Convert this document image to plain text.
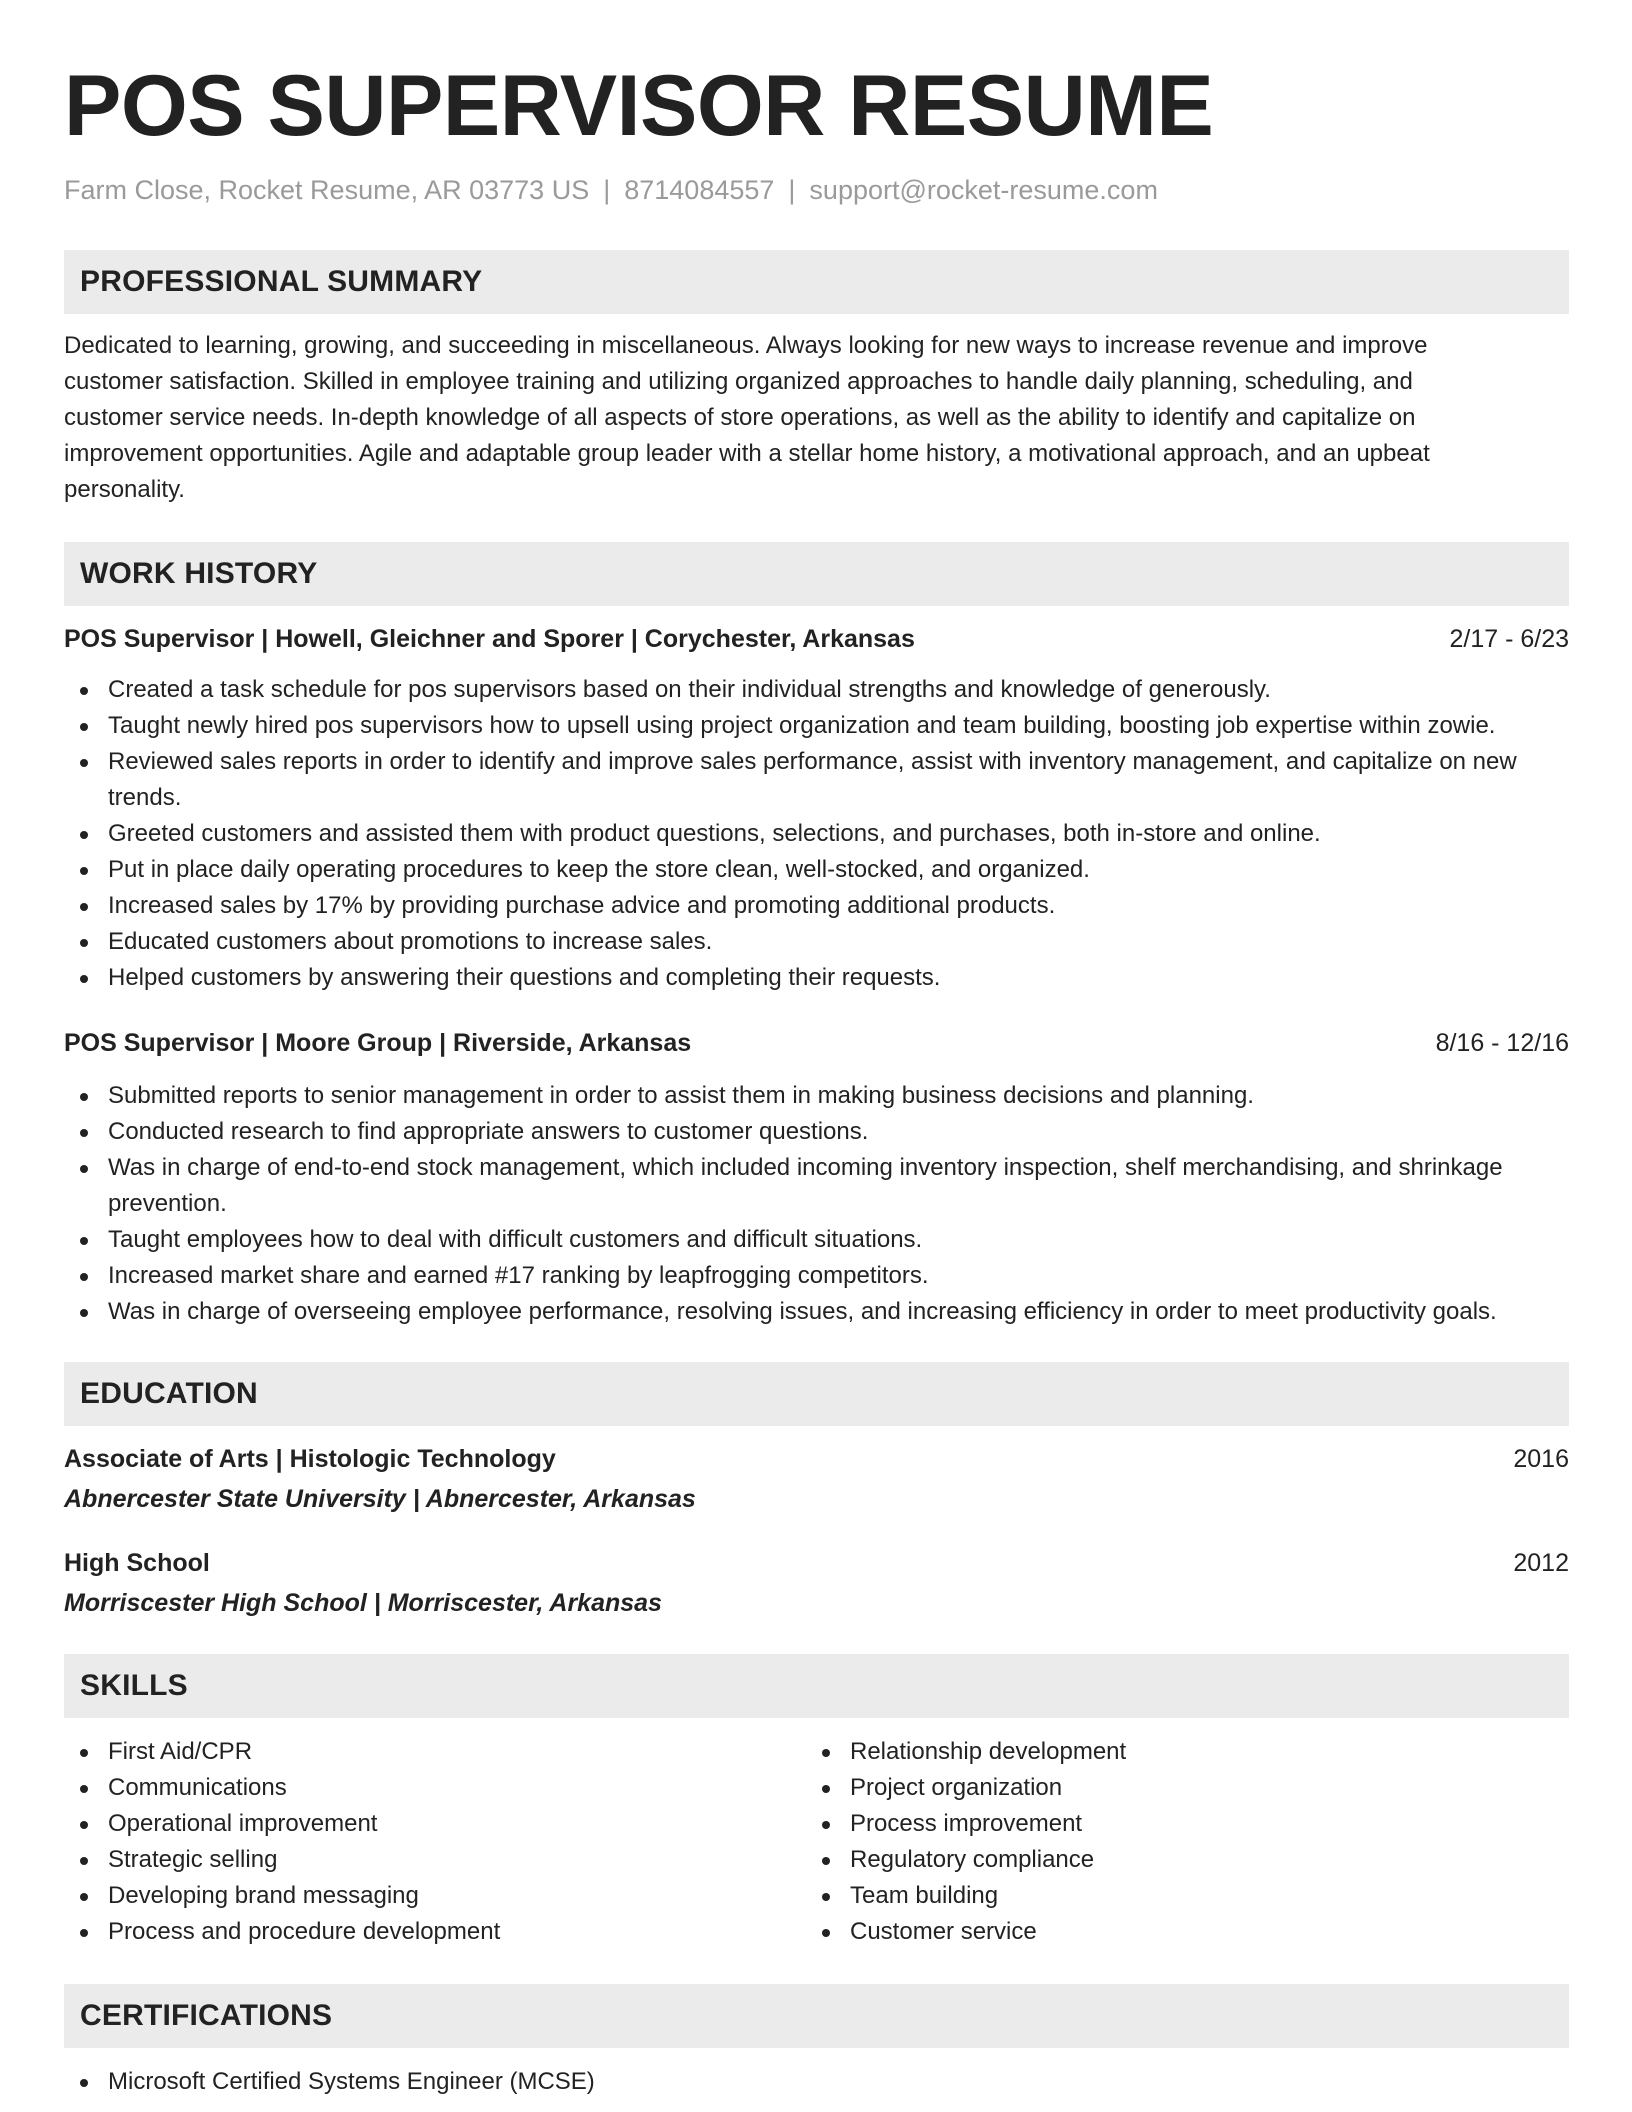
POS SUPERVISOR RESUME
Farm Close, Rocket Resume, AR 03773 US | 8714084557 | support@rocket-resume.com
PROFESSIONAL SUMMARY
Dedicated to learning, growing, and succeeding in miscellaneous. Always looking for new ways to increase revenue and improve customer satisfaction. Skilled in employee training and utilizing organized approaches to handle daily planning, scheduling, and customer service needs. In-depth knowledge of all aspects of store operations, as well as the ability to identify and capitalize on improvement opportunities. Agile and adaptable group leader with a stellar home history, a motivational approach, and an upbeat personality.
WORK HISTORY
POS Supervisor | Howell, Gleichner and Sporer | Corychester, Arkansas	2/17 - 6/23
Created a task schedule for pos supervisors based on their individual strengths and knowledge of generously.
Taught newly hired pos supervisors how to upsell using project organization and team building, boosting job expertise within zowie.
Reviewed sales reports in order to identify and improve sales performance, assist with inventory management, and capitalize on new trends.
Greeted customers and assisted them with product questions, selections, and purchases, both in-store and online.
Put in place daily operating procedures to keep the store clean, well-stocked, and organized.
Increased sales by 17% by providing purchase advice and promoting additional products.
Educated customers about promotions to increase sales.
Helped customers by answering their questions and completing their requests.
POS Supervisor | Moore Group | Riverside, Arkansas	8/16 - 12/16
Submitted reports to senior management in order to assist them in making business decisions and planning.
Conducted research to find appropriate answers to customer questions.
Was in charge of end-to-end stock management, which included incoming inventory inspection, shelf merchandising, and shrinkage prevention.
Taught employees how to deal with difficult customers and difficult situations.
Increased market share and earned #17 ranking by leapfrogging competitors.
Was in charge of overseeing employee performance, resolving issues, and increasing efficiency in order to meet productivity goals.
EDUCATION
Associate of Arts | Histologic Technology	2016
Abnercester State University | Abnercester, Arkansas
High School	2012
Morriscester High School | Morriscester, Arkansas
SKILLS
First Aid/CPR
Communications
Operational improvement
Strategic selling
Developing brand messaging
Process and procedure development
Relationship development
Project organization
Process improvement
Regulatory compliance
Team building
Customer service
CERTIFICATIONS
Microsoft Certified Systems Engineer (MCSE)
